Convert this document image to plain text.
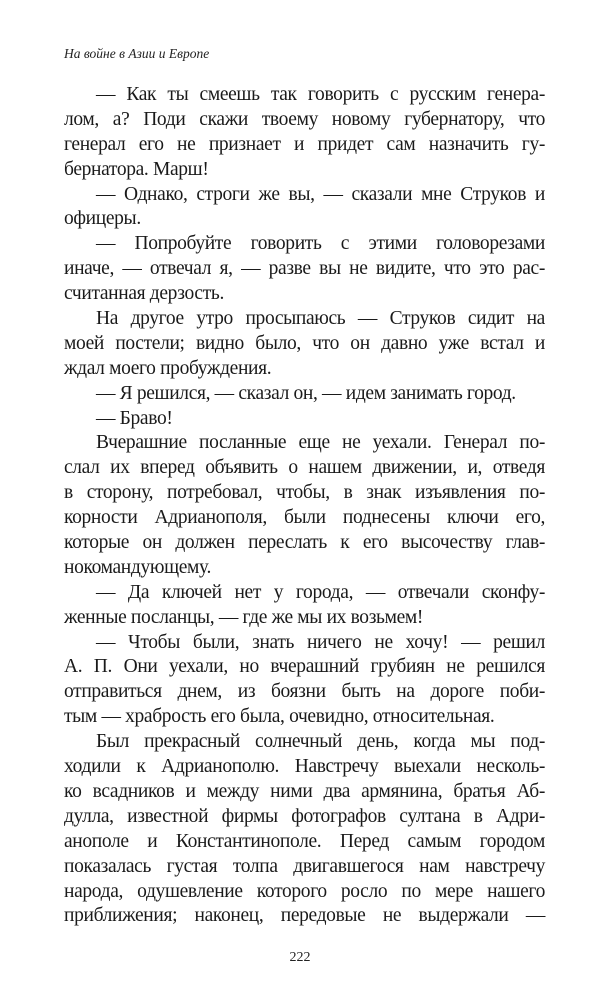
На войне в Азии и Европе
— Как ты смеешь так говорить с русским генера-
лом, а? Поди скажи твоему новому губернатору, что
генерал его не признает и придет сам назначить гу-
бернатора. Марш!
— Однако, строги же вы, — сказали мне Струков и
офицеры.
— Попробуйте говорить с этими головорезами
иначе, — отвечал я, — разве вы не видите, что это рас-
считанная дерзость.
На другое утро просыпаюсь — Струков сидит на
моей постели; видно было, что он давно уже встал и
ждал моего пробуждения.
— Я решился, — сказал он, — идем занимать город.
— Браво!
Вчерашние посланные еще не уехали. Генерал по-
слал их вперед объявить о нашем движении, и, отведя
в сторону, потребовал, чтобы, в знак изъявления по-
корности Адрианополя, были поднесены ключи его,
которые он должен переслать к его высочеству глав-
нокомандующему.
— Да ключей нет у города, — отвечали сконфу-
женные посланцы, — где же мы их возьмем!
— Чтобы были, знать ничего не хочу! — решил
А. П. Они уехали, но вчерашний грубиян не решился
отправиться днем, из боязни быть на дороге поби-
тым — храбрость его была, очевидно, относительная.
Был прекрасный солнечный день, когда мы под-
ходили к Адрианополю. Навстречу выехали несколь-
ко всадников и между ними два армянина, братья Аб-
дулла, известной фирмы фотографов султана в Адри-
анополе и Константинополе. Перед самым городом
показалась густая толпа двигавшегося нам навстречу
народа, одушевление которого росло по мере нашего
приближения; наконец, передовые не выдержали —
222
